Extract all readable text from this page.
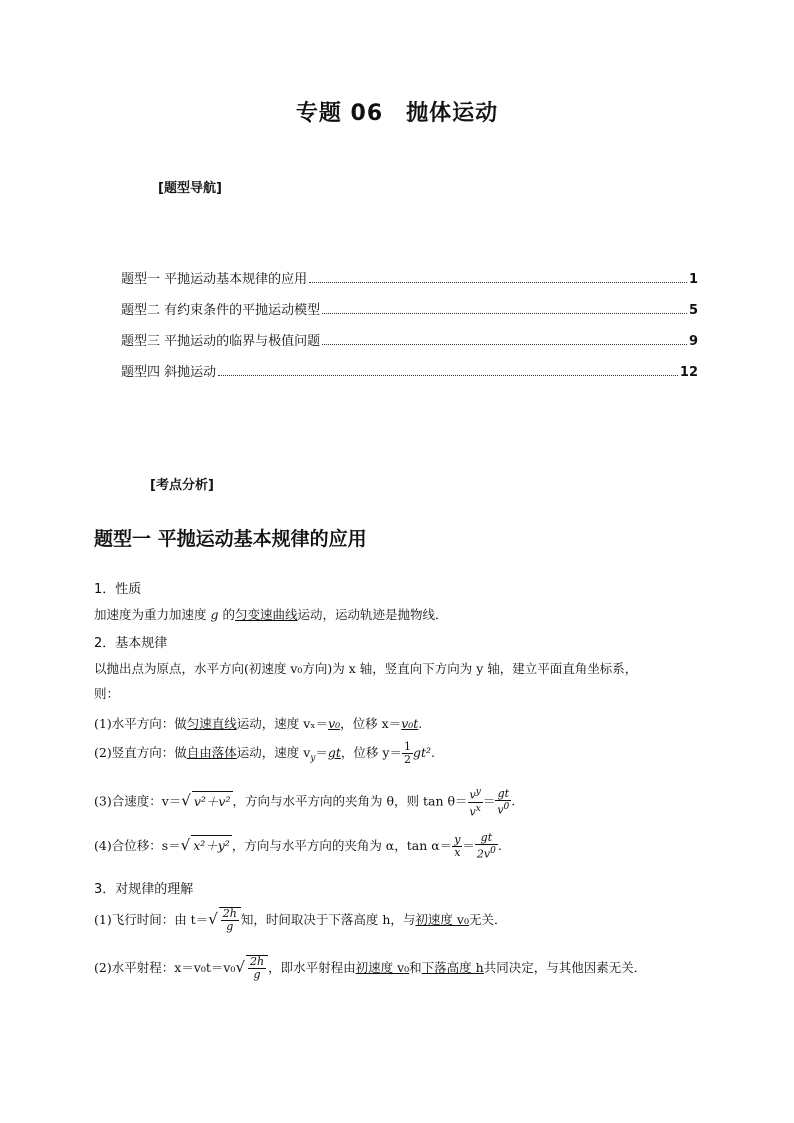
专题 06　抛体运动
[题型导航]
题型一 平抛运动基本规律的应用	1
题型二 有约束条件的平抛运动模型	5
题型三 平抛运动的临界与极值问题	9
题型四 斜抛运动	12
[考点分析]
题型一 平抛运动基本规律的应用
1．性质
加速度为重力加速度 g 的匀变速曲线运动，运动轨迹是抛物线．
2．基本规律
以抛出点为原点，水平方向(初速度 v₀方向)为 x 轴，竖直向下方向为 y 轴，建立平面直角坐标系，
则：
(1)水平方向：做匀速直线运动，速度 vₓ＝v₀，位移 x＝v₀t.
(2)竖直方向：做自由落体运动，速度 $v_y=gt$，位移 $y= \frac{1}{2} gt^2$.
(3)合速度：v＝√ v²＋v² ，方向与水平方向的夹角为 θ，则 $\tan \theta= \frac{v^y}{v^x} = \frac{gt}{v^0}$ .
(4)合位移：s＝√ x²＋y² ，方向与水平方向的夹角为 α，$\tan \alpha= \frac{y}{x} = \frac{gt}{2v^0}$ .
3．对规律的理解
(1)飞行时间：由 $t=√ \frac{2h}{g}$ 知，时间取决于下落高度 h，与初速度 v₀无关．
(2)水平射程：$x=v_0t=v_0√ \frac{2h}{g}$ ，即水平射程由初速度 v₀和下落高度 h共同决定，与其他因素无关．
